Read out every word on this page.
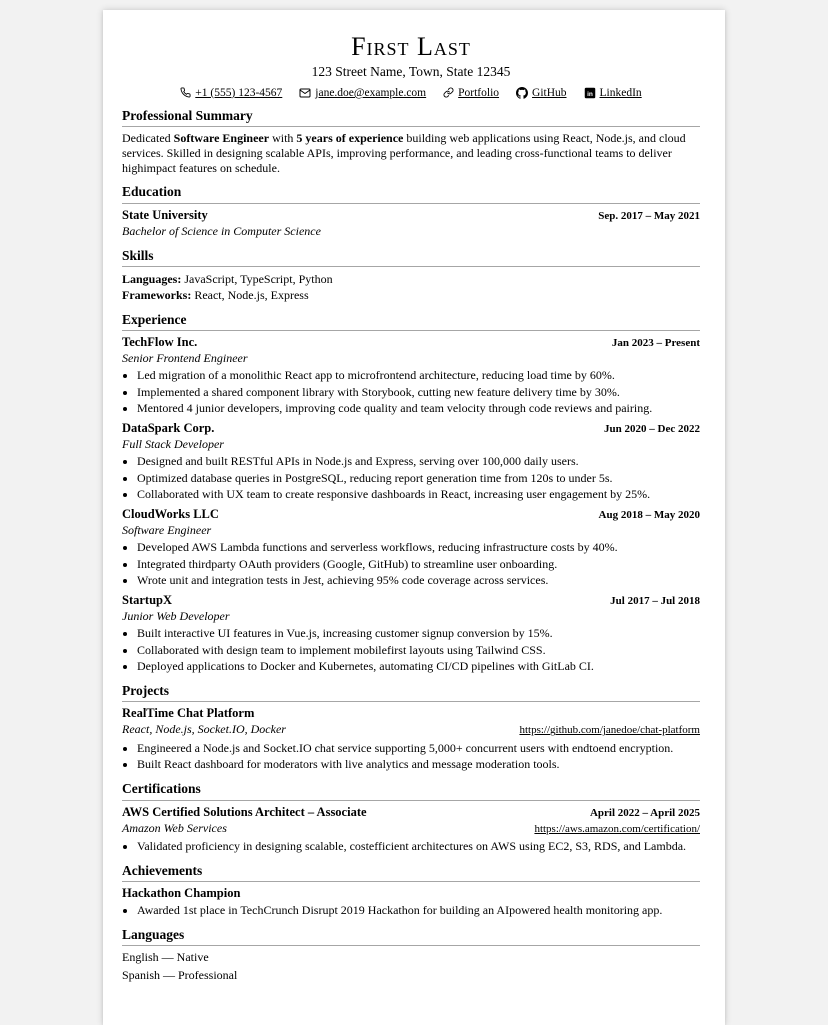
First Last
123 Street Name, Town, State 12345
+1 (555) 123-4567	jane.doe@example.com	Portfolio	GitHub in LinkedIn
Professional Summary

Dedicated Software Engineer with 5 years of experience building web applications using React, Node.js, and cloud services. Skilled in designing scalable APIs, improving performance, and leading cross-functional teams to deliver highimpact features on schedule.

Education
State University	Sep. 2017 – May 2021
Bachelor of Science in Computer Science
Skills
Languages: JavaScript, TypeScript, Python
Frameworks: React, Node.js, Express
Experience
TechFlow Inc.	Jan 2023 – Present
Senior Frontend Engineer
• Led migration of a monolithic React app to microfrontend architecture, reducing load time by 60%.
• Implemented a shared component library with Storybook, cutting new feature delivery time by 30%.
• Mentored 4 junior developers, improving code quality and team velocity through code reviews and pairing.
DataSpark Corp.	Jun 2020 – Dec 2022
Full Stack Developer
• Designed and built RESTful APIs in Node.js and Express, serving over 100,000 daily users.
• Optimized database queries in PostgreSQL, reducing report generation time from 120s to under 5s.
• Collaborated with UX team to create responsive dashboards in React, increasing user engagement by 25%.
CloudWorks LLC	Aug 2018 – May 2020
Software Engineer
• Developed AWS Lambda functions and serverless workflows, reducing infrastructure costs by 40%.
• Integrated thirdparty OAuth providers (Google, GitHub) to streamline user onboarding.
• Wrote unit and integration tests in Jest, achieving 95% code coverage across services.
StartupX	Jul 2017 – Jul 2018
Junior Web Developer
• Built interactive UI features in Vue.js, increasing customer signup conversion by 15%.
• Collaborated with design team to implement mobilefirst layouts using Tailwind CSS.
• Deployed applications to Docker and Kubernetes, automating CI/CD pipelines with GitLab CI.
Projects
RealTime Chat Platform
React, Node.js, Socket.IO, Docker	https://github.com/janedoe/chat-platform
• Engineered a Node.js and Socket.IO chat service supporting 5,000+ concurrent users with endtoend encryption.
• Built React dashboard for moderators with live analytics and message moderation tools.
Certifications
AWS Certified Solutions Architect – Associate	April 2022 – April 2025
Amazon Web Services	https://aws.amazon.com/certification/
• Validated proficiency in designing scalable, costefficient architectures on AWS using EC2, S3, RDS, and Lambda.
Achievements
Hackathon Champion
• Awarded 1st place in TechCrunch Disrupt 2019 Hackathon for building an AIpowered health monitoring app.
Languages
English — Native
Spanish — Professional
